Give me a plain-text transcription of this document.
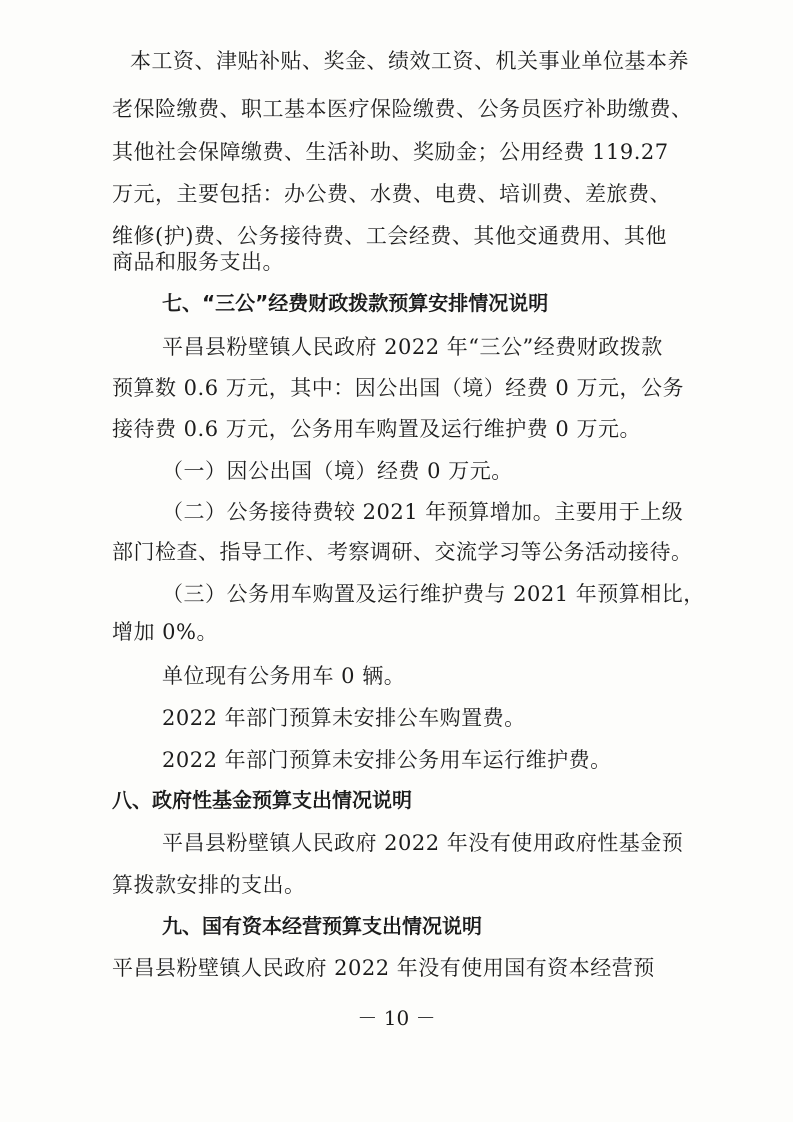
本工资、津贴补贴、奖金、绩效工资、机关事业单位基本养

老保险缴费、职工基本医疗保险缴费、公务员医疗补助缴费、

其他社会保障缴费、生活补助、奖励金；公用经费 119.27

万元，主要包括：办公费、水费、电费、培训费、差旅费、

维修(护)费、公务接待费、工会经费、其他交通费用、其他

商品和服务支出。

七、“三公”经费财政拨款预算安排情况说明

平昌县粉壁镇人民政府 2022 年“三公”经费财政拨款

预算数 0.6 万元，其中：因公出国（境）经费 0 万元，公务

接待费 0.6 万元，公务用车购置及运行维护费 0 万元。

（一）因公出国（境）经费 0 万元。

（二）公务接待费较 2021 年预算增加。主要用于上级

部门检查、指导工作、考察调研、交流学习等公务活动接待。

（三）公务用车购置及运行维护费与 2021 年预算相比，

增加 0%。

单位现有公务用车 0 辆。

2022 年部门预算未安排公车购置费。

2022 年部门预算未安排公务用车运行维护费。

八、政府性基金预算支出情况说明

平昌县粉壁镇人民政府 2022 年没有使用政府性基金预

算拨款安排的支出。

九、国有资本经营预算支出情况说明

平昌县粉壁镇人民政府 2022 年没有使用国有资本经营预

－ 10 －
